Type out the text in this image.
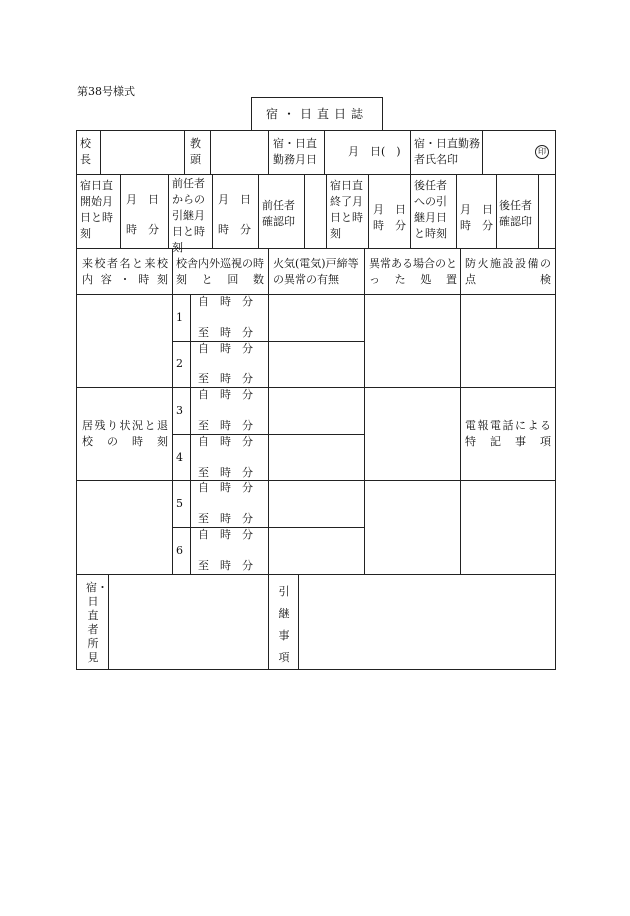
第38号様式
宿・日直日誌
校長
教頭
宿・日直勤務月日
月　日(　)
宿・日直勤務者氏名印
印
宿日直開始月日と時刻
月　日
時　分
前任者からの引継月日と時刻
月　日
時　分
前任者確認印
宿日直終了月日と時刻
月　日
時　分
後任者への引継月日と時刻
月　日
時　分
後任者確認印
来校者名と来校内容・時刻
校舎内外巡視の時刻と回数
火気(電気)戸締等の異常の有無
異常ある場合のとった処置
防火施設設備の点検
1
自　時　分
至　時　分
2
自　時　分
至　時　分
3
自　時　分
至　時　分
4
自　時　分
至　時　分
5
自　時　分
至　時　分
6
自　時　分
至　時　分
居残り状況と退校の時刻
電報電話による特記事項
宿・日直者所見
引継事項
